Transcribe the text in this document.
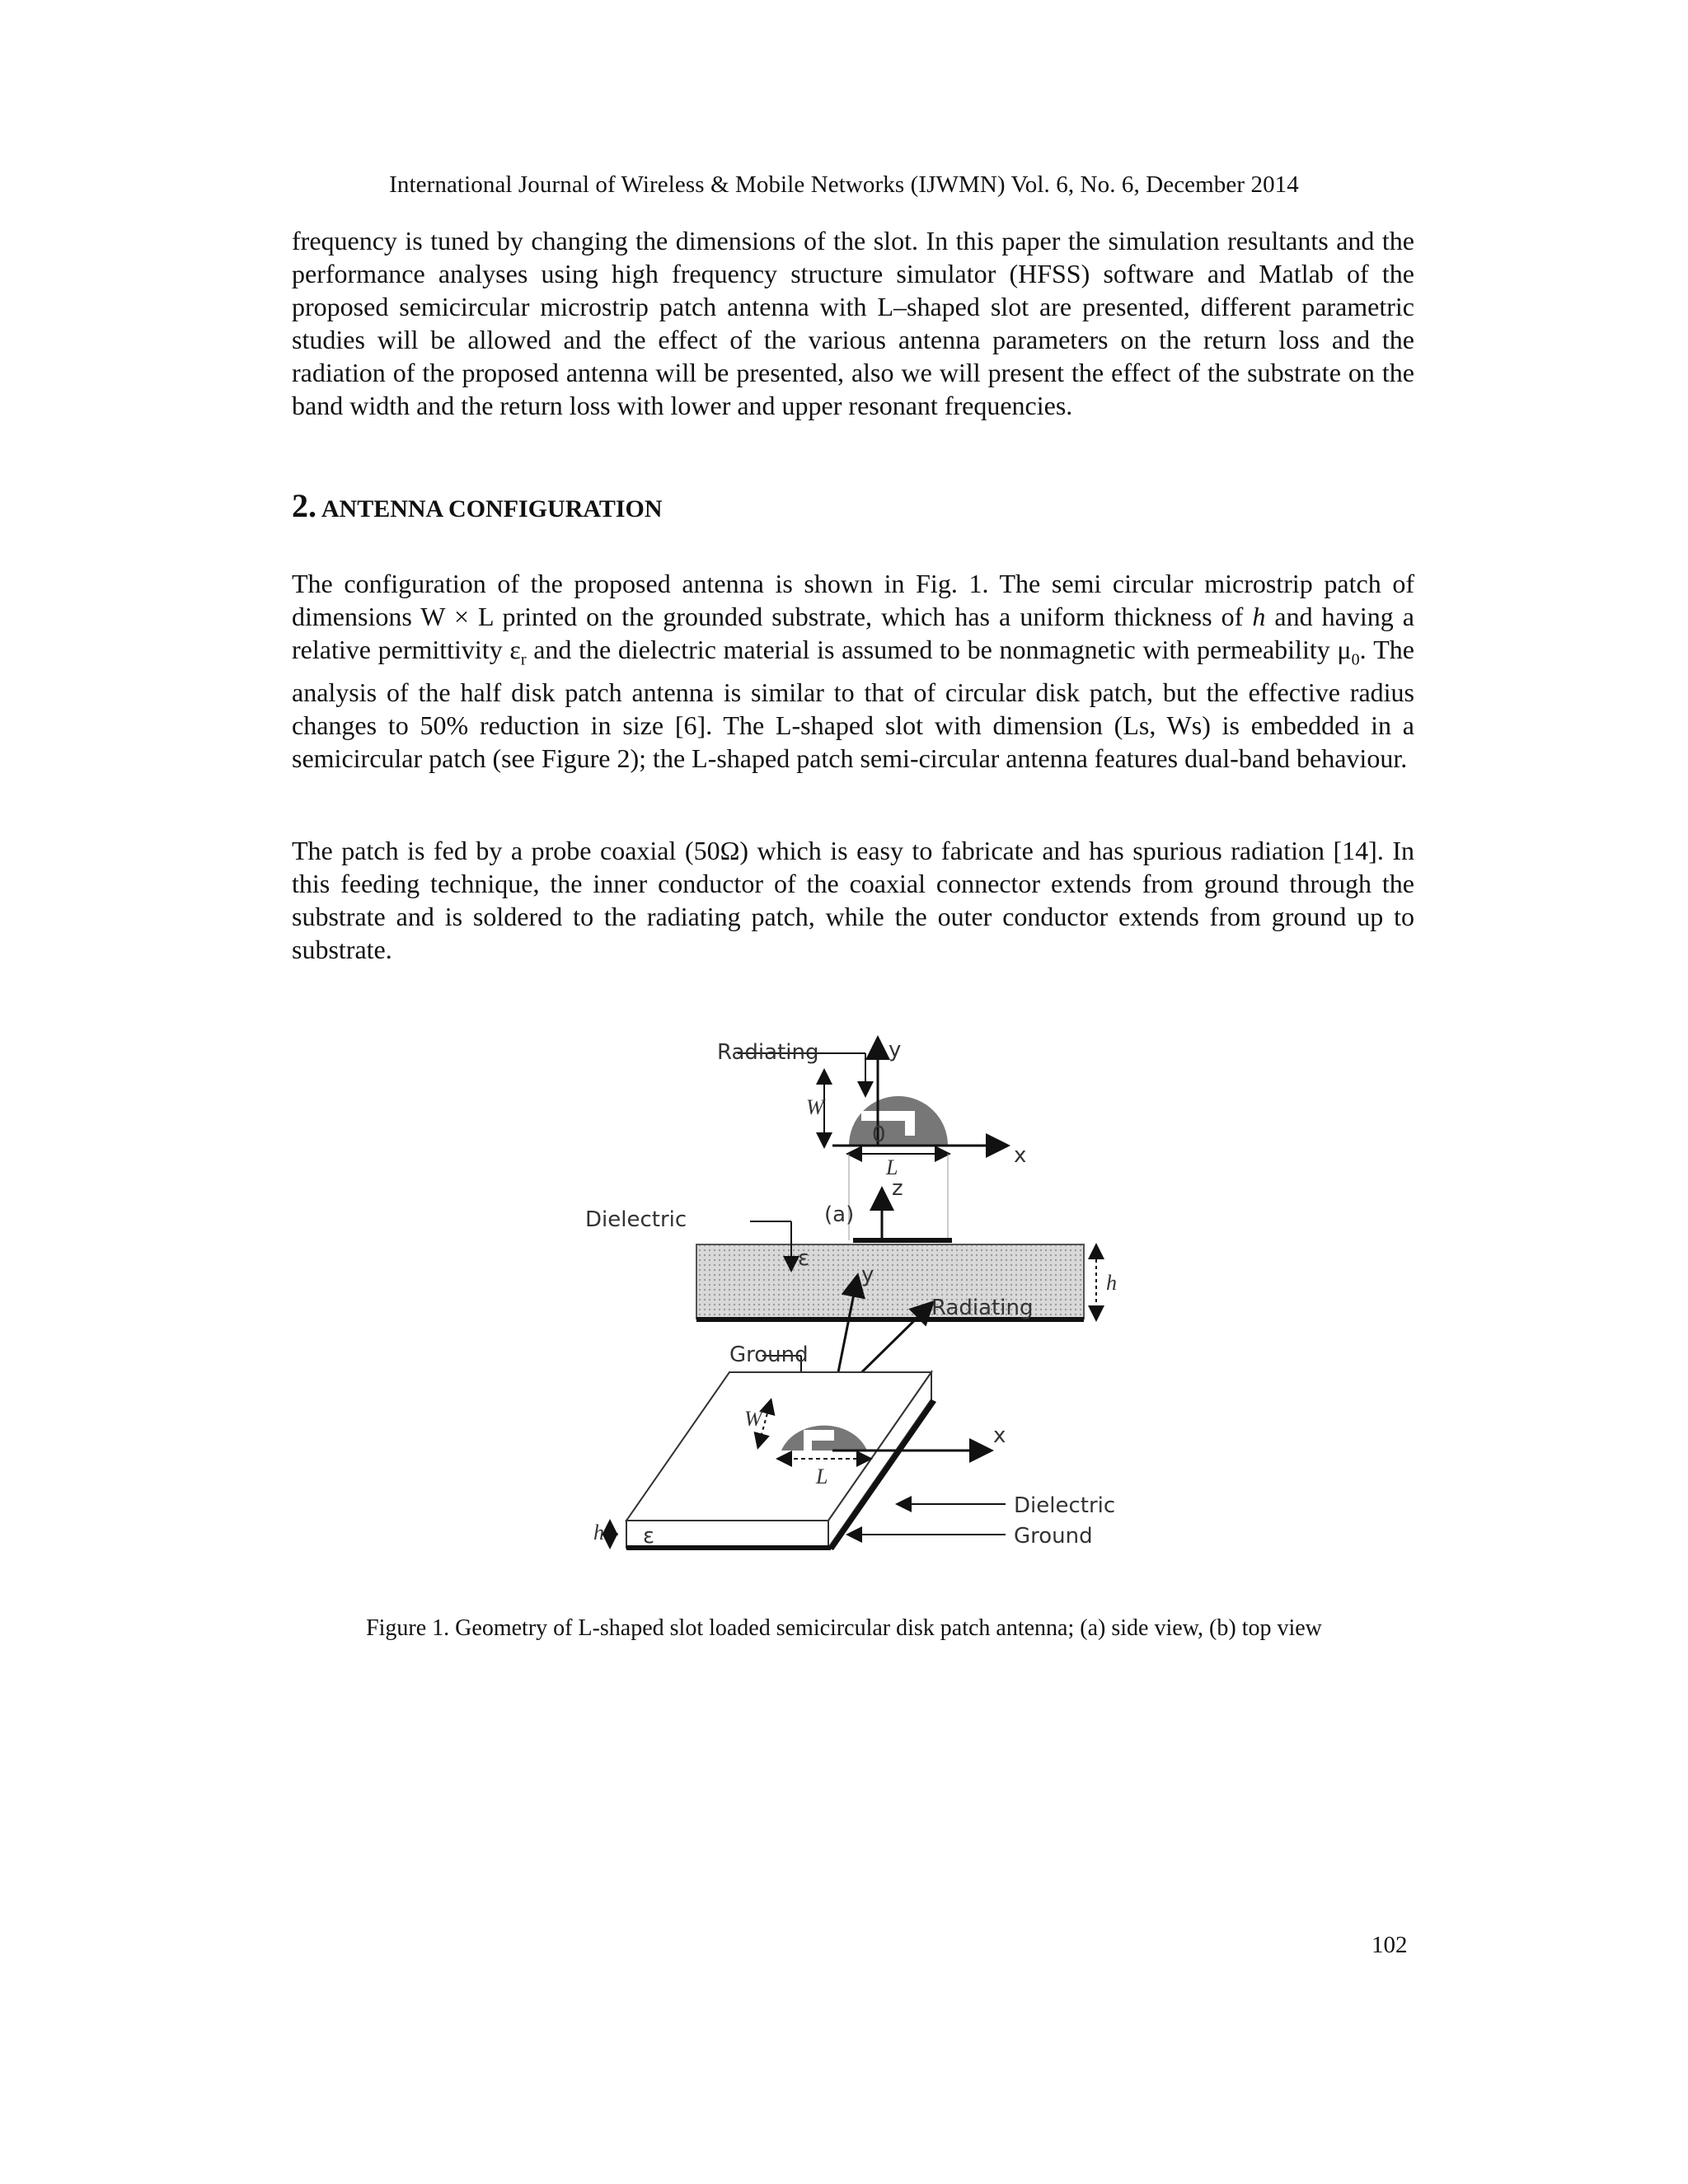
International Journal of Wireless & Mobile Networks (IJWMN) Vol. 6, No. 6, December 2014

frequency is tuned by changing the dimensions of the slot. In this paper the simulation resultants and the performance analyses using high frequency structure simulator (HFSS) software and Matlab of the proposed semicircular microstrip patch antenna with L–shaped slot are presented, different parametric studies will be allowed and the effect of the various antenna parameters on the return loss and the radiation of the proposed antenna will be presented, also we will present the effect of the substrate on the band width and the return loss with lower and upper resonant frequencies.

2. ANTENNA CONFIGURATION

The configuration of the proposed antenna is shown in Fig. 1. The semi circular microstrip patch of dimensions W × L printed on the grounded substrate, which has a uniform thickness of h and having a relative permittivity $\varepsilon_r$ and the dielectric material is assumed to be nonmagnetic with permeability $\mu_0$. The analysis of the half disk patch antenna is similar to that of circular disk patch, but the effective radius changes to 50% reduction in size [6]. The L-shaped slot with dimension (Ls, Ws) is embedded in a semicircular patch (see Figure 2); the L-shaped patch semi-circular antenna features dual-band behaviour.

The patch is fed by a probe coaxial (50Ω) which is easy to fabricate and has spurious radiation [14]. In this feeding technique, the inner conductor of the coaxial connector extends from ground through the substrate and is soldered to the radiating patch, while the outer conductor extends from ground up to substrate.

Radiating	y
W
0
x
L
z
h
Dielectric	(a)
ε
y
Radiating
Ground
L
W
x
Dielectric
Ground
h ε
Figure 1. Geometry of L-shaped slot loaded semicircular disk patch antenna; (a) side view, (b) top view
102
